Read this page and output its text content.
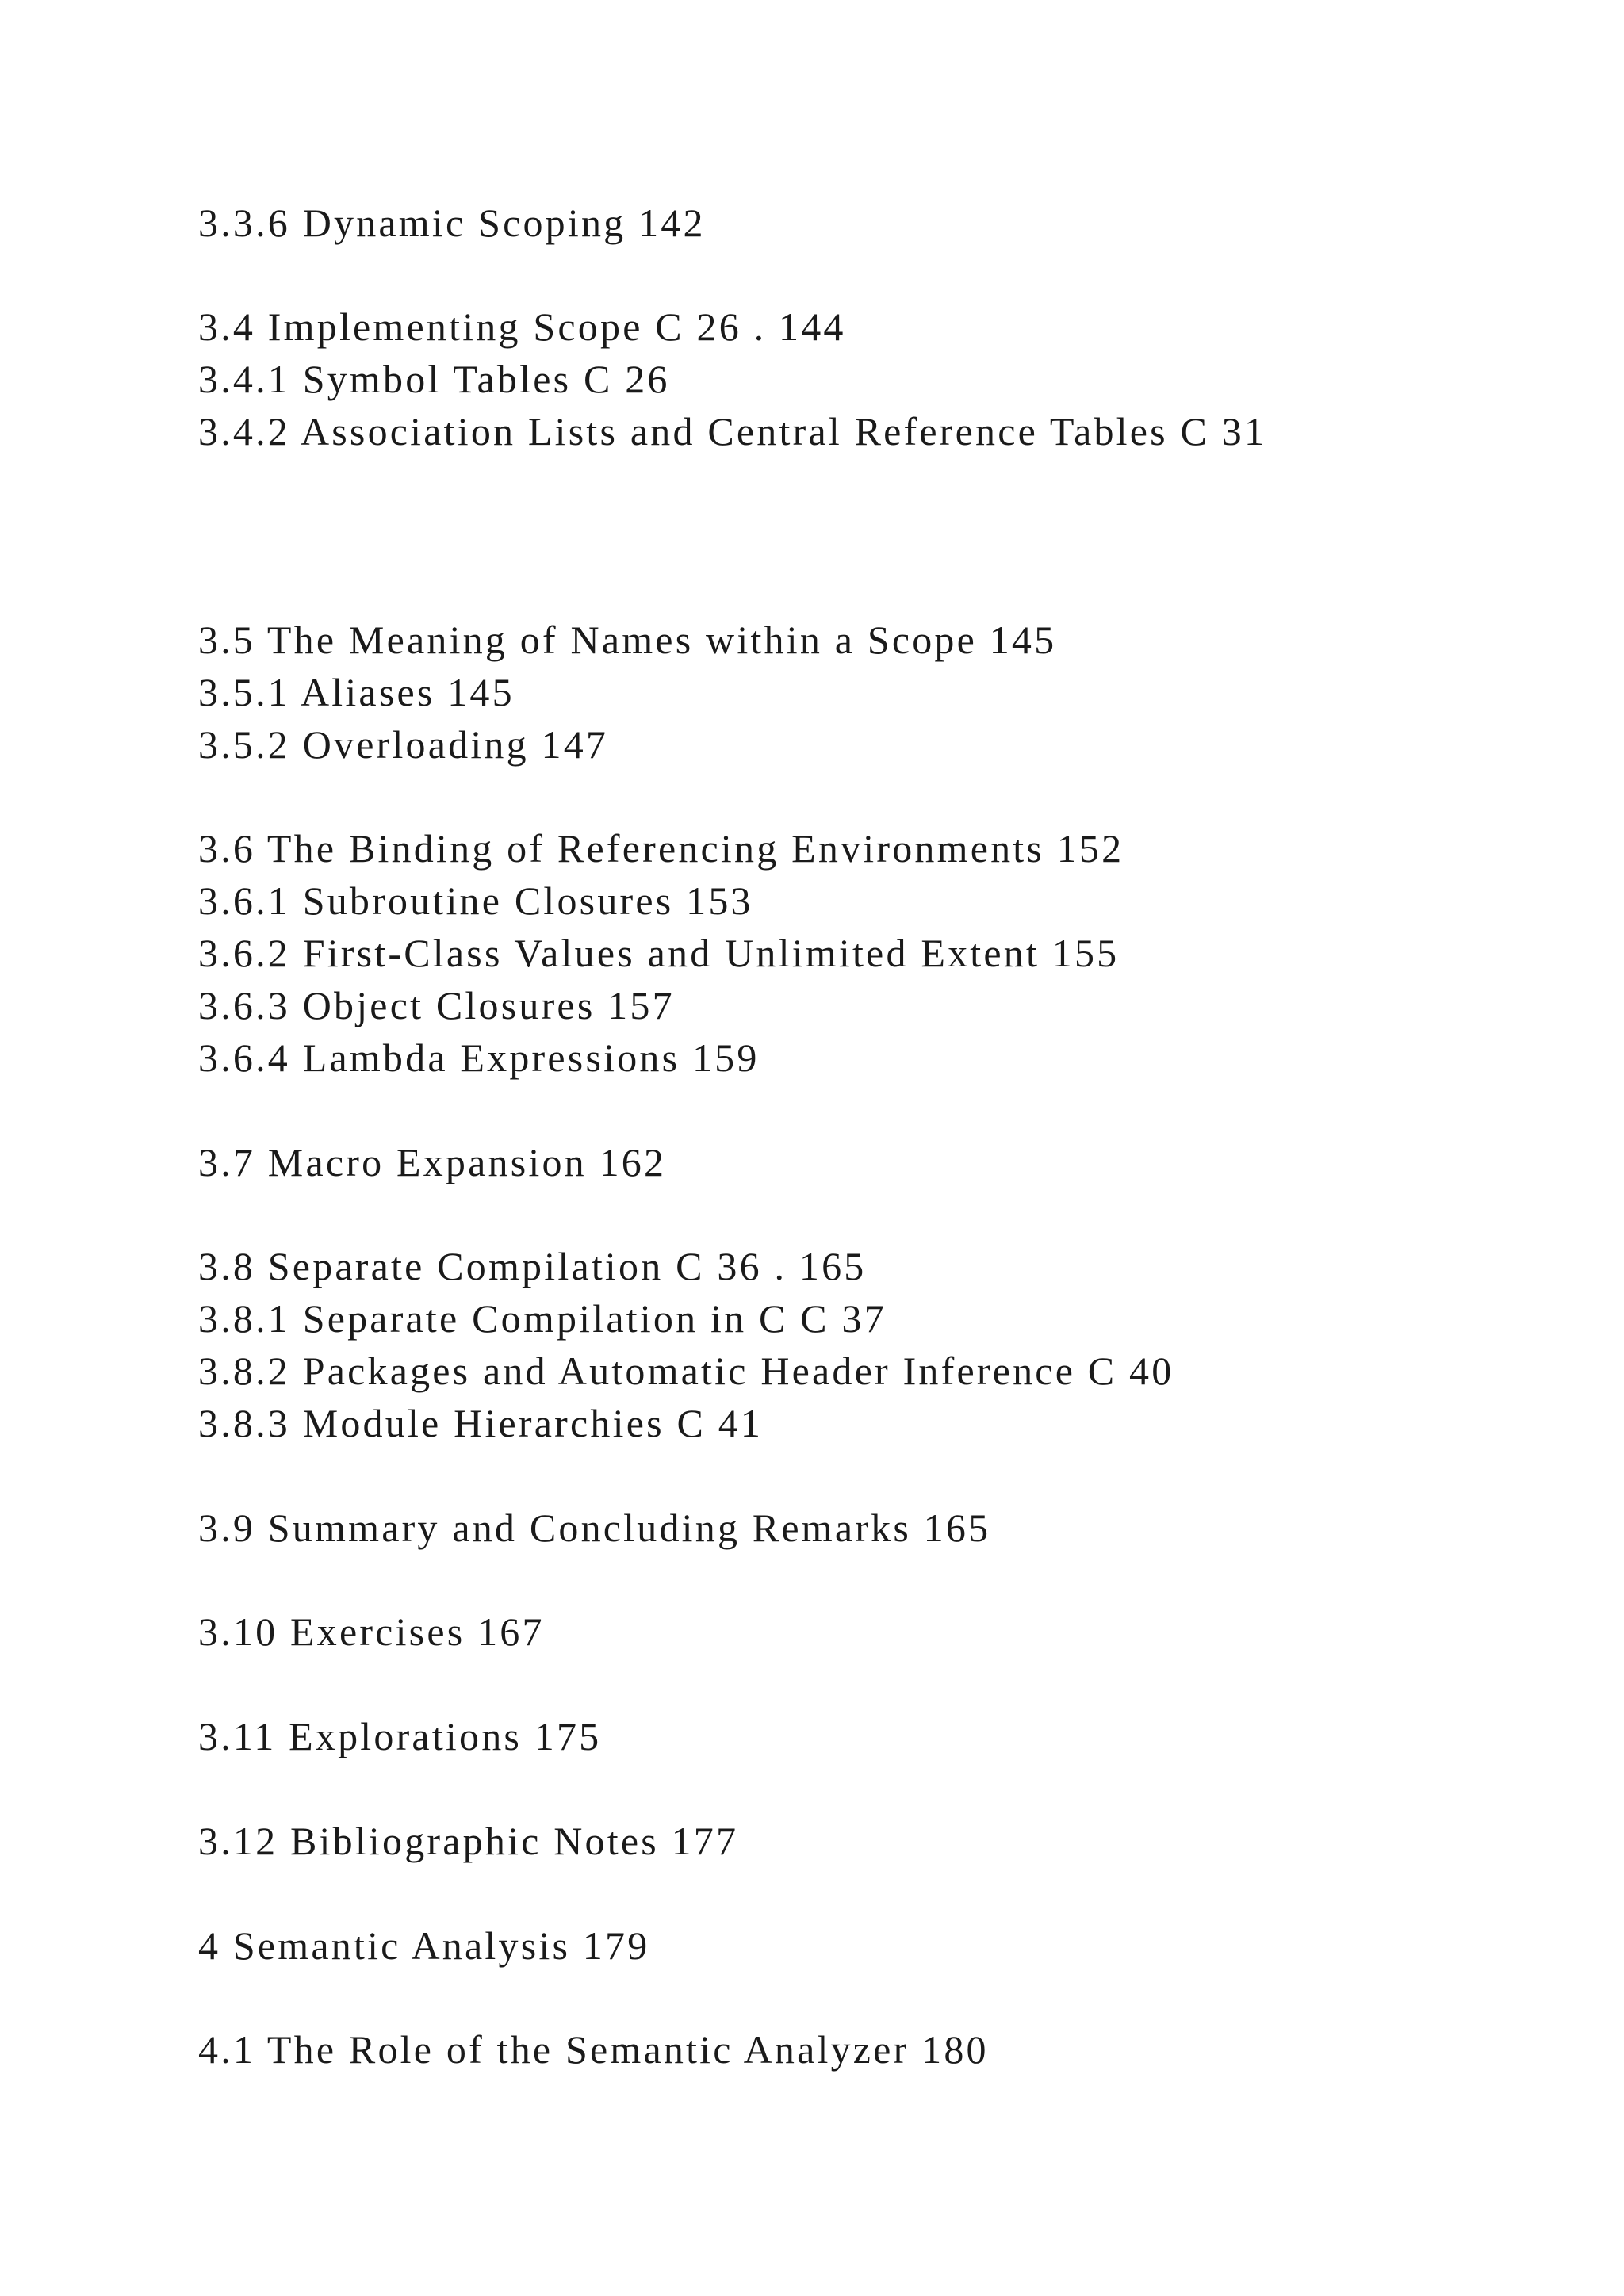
3.3.6 Dynamic Scoping 142

3.4 Implementing Scope C 26 . 144

3.4.1 Symbol Tables C 26

3.4.2 Association Lists and Central Reference Tables C 31

3.5 The Meaning of Names within a Scope 145

3.5.1 Aliases 145

3.5.2 Overloading 147

3.6 The Binding of Referencing Environments 152

3.6.1 Subroutine Closures 153

3.6.2 First-Class Values and Unlimited Extent 155

3.6.3 Object Closures 157

3.6.4 Lambda Expressions 159

3.7 Macro Expansion 162

3.8 Separate Compilation C 36 . 165

3.8.1 Separate Compilation in C C 37

3.8.2 Packages and Automatic Header Inference C 40

3.8.3 Module Hierarchies C 41

3.9 Summary and Concluding Remarks 165

3.10 Exercises 167

3.11 Explorations 175

3.12 Bibliographic Notes 177

4 Semantic Analysis 179

4.1 The Role of the Semantic Analyzer 180
